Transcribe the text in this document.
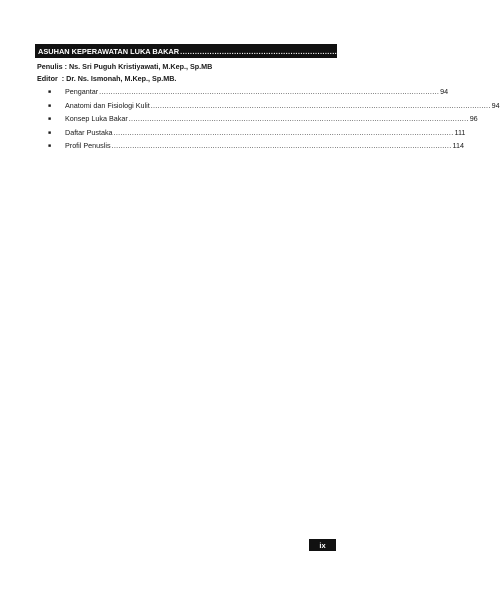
ASUHAN KEPERAWATAN LUKA BAKAR ......................................................................................................... 94
Penulis : Ns. Sri Puguh Kristiyawati, M.Kep., Sp.MB
Editor  : Dr. Ns. Ismonah, M.Kep., Sp.MB.
■	Pengantar .................................................................................................................................................... 94
■	Anatomi dan Fisiologi Kulit .................................................................................................................................................... 94
■	Konsep Luka Bakar .................................................................................................................................................... 96
■	Daftar Pustaka .................................................................................................................................................... 111
■	Profil Penuslis .................................................................................................................................................... 114
ix
